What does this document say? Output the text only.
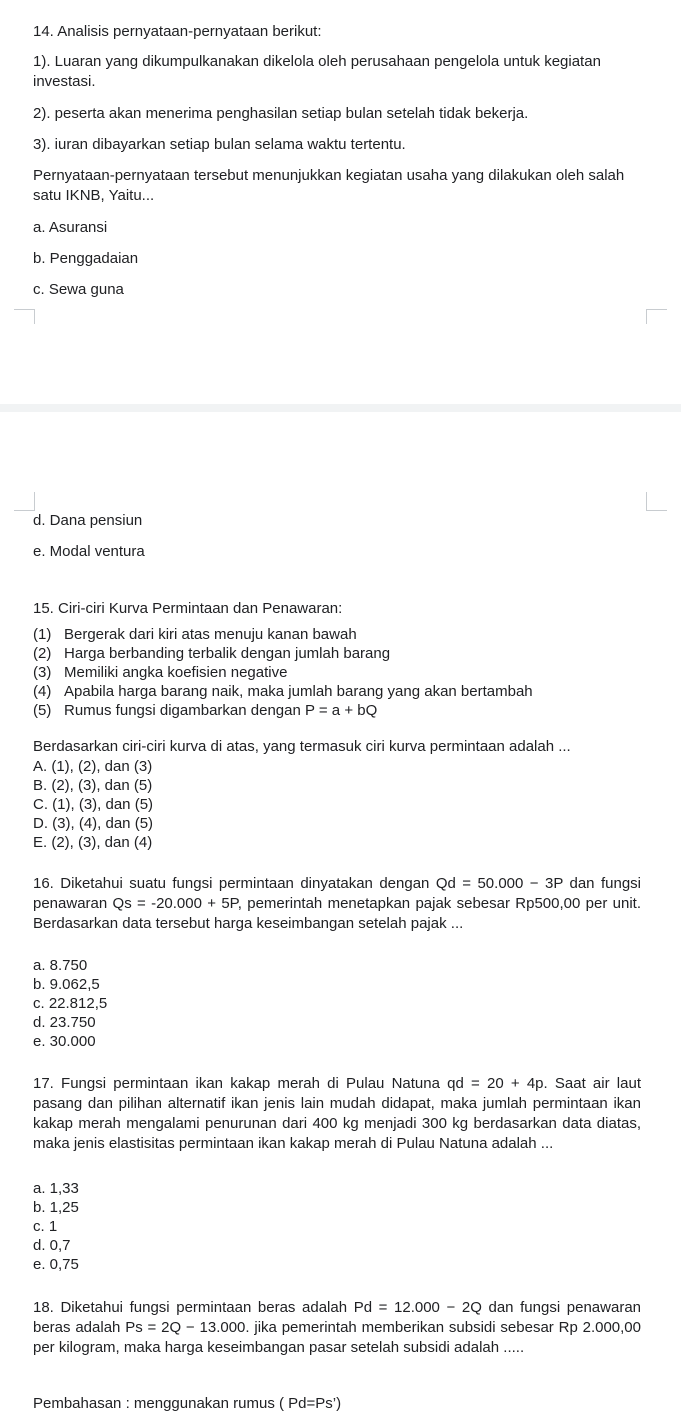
14. Analisis pernyataan-pernyataan berikut:
1). Luaran yang dikumpulkanakan dikelola oleh perusahaan pengelola untuk kegiatan investasi.
2). peserta akan menerima penghasilan setiap bulan setelah tidak bekerja.
3). iuran dibayarkan setiap bulan selama waktu tertentu.
Pernyataan-pernyataan tersebut menunjukkan kegiatan usaha yang dilakukan oleh salah satu IKNB, Yaitu...
a. Asuransi
b. Penggadaian
c. Sewa guna
d. Dana pensiun
e. Modal ventura
15. Ciri-ciri Kurva Permintaan dan Penawaran:
(1) Bergerak dari kiri atas menuju kanan bawah
(2) Harga berbanding terbalik dengan jumlah barang
(3) Memiliki angka koefisien negative
(4) Apabila harga barang naik, maka jumlah barang yang akan bertambah
(5) Rumus fungsi digambarkan dengan P = a + bQ
Berdasarkan ciri-ciri kurva di atas, yang termasuk ciri kurva permintaan adalah ...
A. (1), (2), dan (3)
B. (2), (3), dan (5)
C. (1), (3), dan (5)
D. (3), (4), dan (5)
E. (2), (3), dan (4)
16. Diketahui suatu fungsi permintaan dinyatakan dengan Qd = 50.000 − 3P dan fungsi penawaran Qs = -20.000 + 5P, pemerintah menetapkan pajak sebesar Rp500,00 per unit. Berdasarkan data tersebut harga keseimbangan setelah pajak ...
a. 8.750
b. 9.062,5
c. 22.812,5
d. 23.750
e. 30.000
17. Fungsi permintaan ikan kakap merah di Pulau Natuna qd = 20 + 4p. Saat air laut pasang dan pilihan alternatif ikan jenis lain mudah didapat, maka jumlah permintaan ikan kakap merah mengalami penurunan dari 400 kg menjadi 300 kg berdasarkan data diatas, maka jenis elastisitas permintaan ikan kakap merah di Pulau Natuna adalah ...
a. 1,33
b. 1,25
c. 1
d. 0,7
e. 0,75
18. Diketahui fungsi permintaan beras adalah Pd = 12.000 − 2Q dan fungsi penawaran beras adalah Ps = 2Q − 13.000. jika pemerintah memberikan subsidi sebesar Rp 2.000,00 per kilogram, maka harga keseimbangan pasar setelah subsidi adalah .....
Pembahasan : menggunakan rumus ( Pd=Ps’)
